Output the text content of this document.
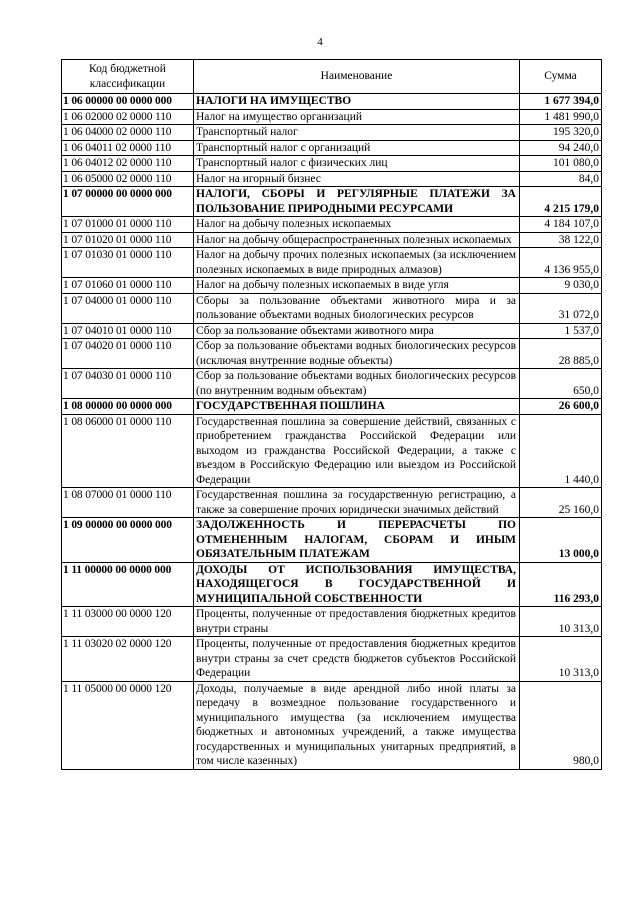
4
Код бюджетной классификации	Наименование	Сумма
1 06 00000 00 0000 000	НАЛОГИ НА ИМУЩЕСТВО	1 677 394,0
1 06 02000 02 0000 110	Налог на имущество организаций	1 481 990,0
1 06 04000 02 0000 110	Транспортный налог	195 320,0
1 06 04011 02 0000 110	Транспортный налог с организаций	94 240,0
1 06 04012 02 0000 110	Транспортный налог с физических лиц	101 080,0
1 06 05000 02 0000 110	Налог на игорный бизнес	84,0
1 07 00000 00 0000 000	НАЛОГИ, СБОРЫ И РЕГУЛЯРНЫЕ ПЛАТЕЖИ ЗА ПОЛЬЗОВАНИЕ ПРИРОДНЫМИ РЕСУРСАМИ	4 215 179,0
1 07 01000 01 0000 110	Налог на добычу полезных ископаемых	4 184 107,0
1 07 01020 01 0000 110	Налог на добычу общераспространенных полезных ископаемых	38 122,0
1 07 01030 01 0000 110	Налог на добычу прочих полезных ископаемых (за исключением полезных ископаемых в виде природных алмазов)	4 136 955,0
1 07 01060 01 0000 110	Налог на добычу полезных ископаемых в виде угля	9 030,0
1 07 04000 01 0000 110	Сборы за пользование объектами животного мира и за пользование объектами водных биологических ресурсов	31 072,0
1 07 04010 01 0000 110	Сбор за пользование объектами животного мира	1 537,0
1 07 04020 01 0000 110	Сбор за пользование объектами водных биологических ресурсов (исключая внутренние водные объекты)	28 885,0
1 07 04030 01 0000 110	Сбор за пользование объектами водных биологических ресурсов (по внутренним водным объектам)	650,0
1 08 00000 00 0000 000	ГОСУДАРСТВЕННАЯ ПОШЛИНА	26 600,0
1 08 06000 01 0000 110	Государственная пошлина за совершение действий, связанных с приобретением гражданства Российской Федерации или выходом из гражданства Российской Федерации, а также с въездом в Российскую Федерацию или выездом из Российской Федерации	1 440,0
1 08 07000 01 0000 110	Государственная пошлина за государственную регистрацию, а также за совершение прочих юридически значимых действий	25 160,0
1 09 00000 00 0000 000	ЗАДОЛЖЕННОСТЬ И ПЕРЕРАСЧЕТЫ ПО ОТМЕНЕННЫМ НАЛОГАМ, СБОРАМ И ИНЫМ ОБЯЗАТЕЛЬНЫМ ПЛАТЕЖАМ	13 000,0
1 11 00000 00 0000 000	ДОХОДЫ ОТ ИСПОЛЬЗОВАНИЯ ИМУЩЕСТВА, НАХОДЯЩЕГОСЯ В ГОСУДАРСТВЕННОЙ И МУНИЦИПАЛЬНОЙ СОБСТВЕННОСТИ	116 293,0
1 11 03000 00 0000 120	Проценты, полученные от предоставления бюджетных кредитов внутри страны	10 313,0
1 11 03020 02 0000 120	Проценты, полученные от предоставления бюджетных кредитов внутри страны за счет средств бюджетов субъектов Российской Федерации	10 313,0
1 11 05000 00 0000 120	Доходы, получаемые в виде арендной либо иной платы за передачу в возмездное пользование государственного и муниципального имущества (за исключением имущества бюджетных и автономных учреждений, а также имущества государственных и муниципальных унитарных предприятий, в том числе казенных)	980,0
